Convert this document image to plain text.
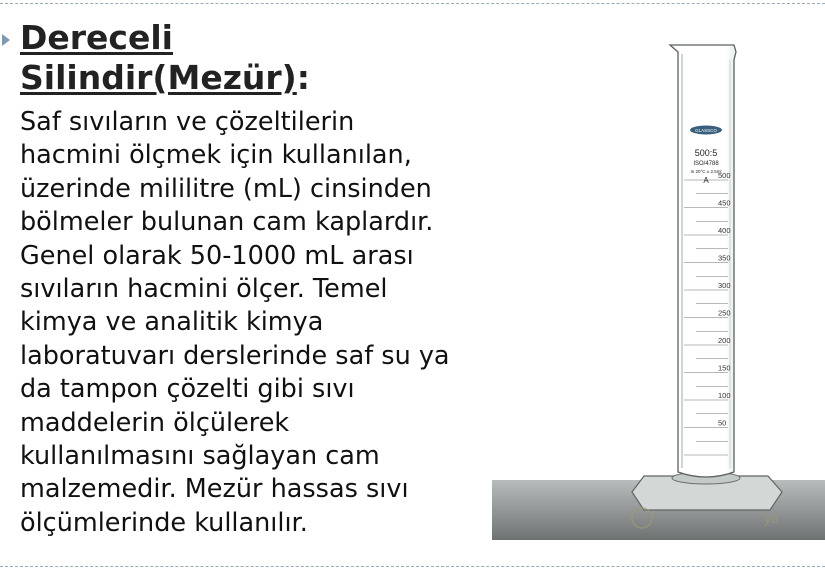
Dereceli
Silindir(Mezür):

Saf sıvıların ve çözeltilerin
hacmini ölçmek için kullanılan,
üzerinde mililitre (mL) cinsinden
bölmeler bulunan cam kaplardır.
Genel olarak 50-1000 mL arası
sıvıların hacmini ölçer. Temel
kimya ve analitik kimya
laboratuvarı derslerinde saf su ya
da tampon çözelti gibi sıvı
maddelerin ölçülerek
kullanılmasını sağlayan cam
malzemedir. Mezür hassas sıvı
ölçümlerinde kullanılır.

GLASSCO
500:5
ISO/4788
In 20°C ± 2.5ml
A
500
450
400
350
300
250
200
150
100
50
ya
